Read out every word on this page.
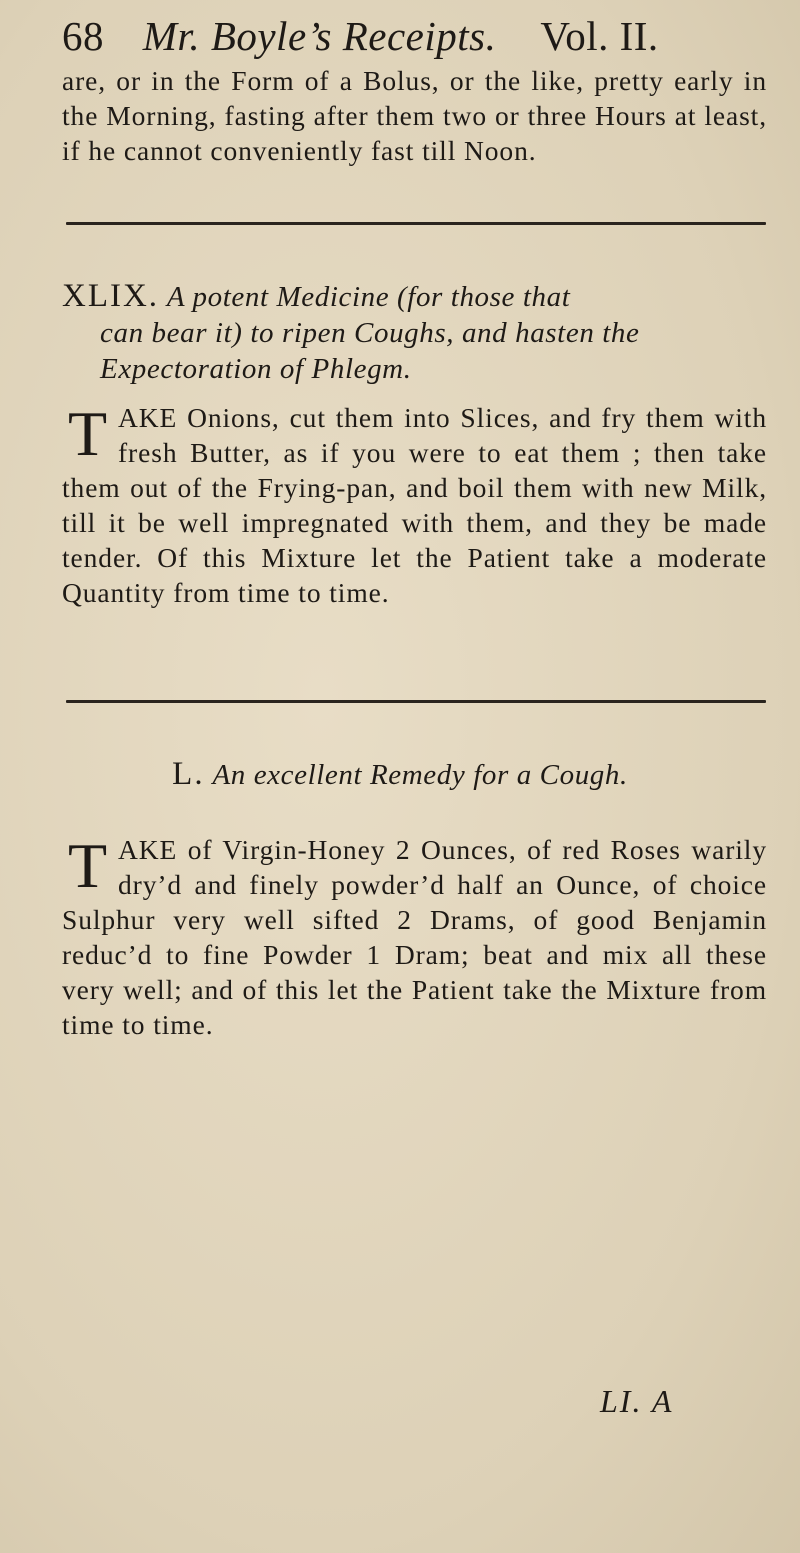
68 Mr. Boyle’s Receipts. Vol. II.

are, or in the Form of a Bolus, or the like, pretty early in the Morning, fasting after them two or three Hours at least, if he cannot conveniently fast till Noon.

XLIX. A potent Medicine (for those that
can bear it) to ripen Coughs, and hasten the Expectoration of Phlegm.
T AKE Onions, cut them into Slices, and fry them with fresh Butter, as if you were to eat them ; then take them out of the Frying-pan, and boil them with new Milk, till it be well impregnated with them, and they be made tender. Of this Mixture let the Patient take a moderate Quantity from time to time.

L. An excellent Remedy for a Cough.
T AKE of Virgin-Honey 2 Ounces, of red Roses warily dry’d and finely powder’d half an Ounce, of choice Sulphur very well sifted 2 Drams, of good Benjamin reduc’d to fine Powder 1 Dram; beat and mix all these very well; and of this let the Patient take the Mixture from time to time.

LI. A
